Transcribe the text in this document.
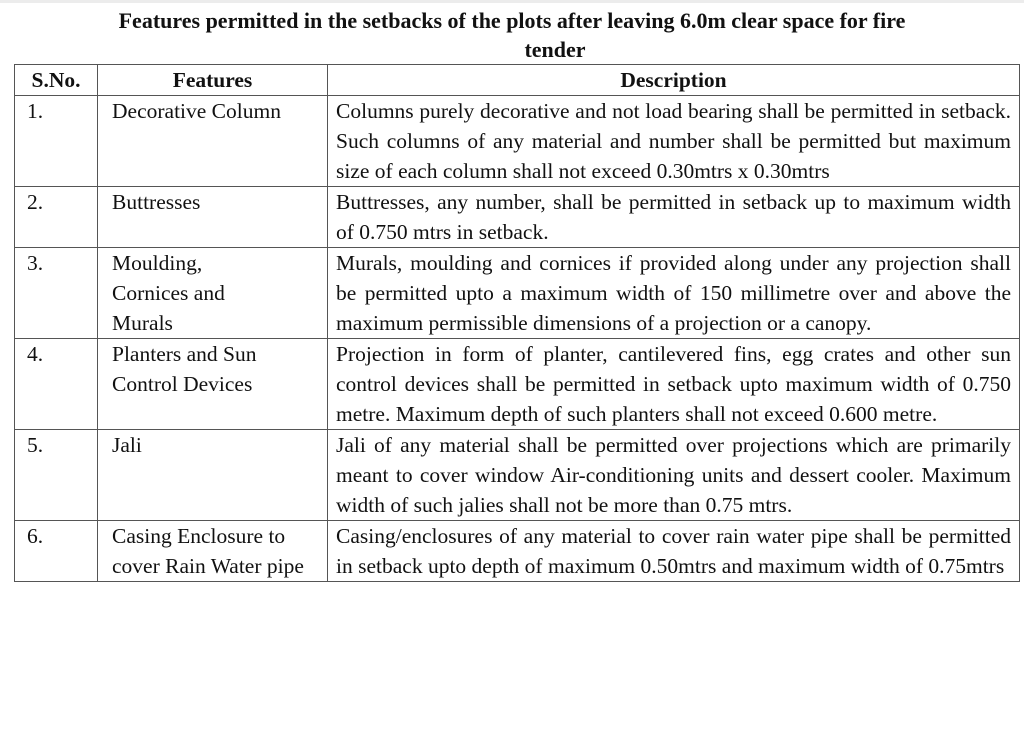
Features permitted in the setbacks of the plots after leaving 6.0m clear space for fire
tender
S.No.	Features	Description
1.	Decorative Column	Columns purely decorative and not load bearing shall be permitted in setback. Such columns of any material and number shall be permitted but maximum size of each column shall not exceed 0.30mtrs x 0.30mtrs
2.	Buttresses	Buttresses, any number, shall be permitted in setback up to maximum width of 0.750 mtrs in setback.
3.	Moulding, Cornices and Murals	Murals, moulding and cornices if provided along under any projection shall be permitted upto a maximum width of 150 millimetre over and above the maximum permissible dimensions of a projection or a canopy.
4.	Planters and Sun Control Devices	Projection in form of planter, cantilevered fins, egg crates and other sun control devices shall be permitted in setback upto maximum width of 0.750 metre. Maximum depth of such planters shall not exceed 0.600 metre.
5.	Jali	Jali of any material shall be permitted over projections which are primarily meant to cover window Air-conditioning units and dessert cooler. Maximum width of such jalies shall not be more than 0.75 mtrs.
6.	Casing Enclosure to cover Rain Water pipe	Casing/enclosures of any material to cover rain water pipe shall be permitted in setback upto depth of maximum 0.50mtrs and maximum width of 0.75mtrs
